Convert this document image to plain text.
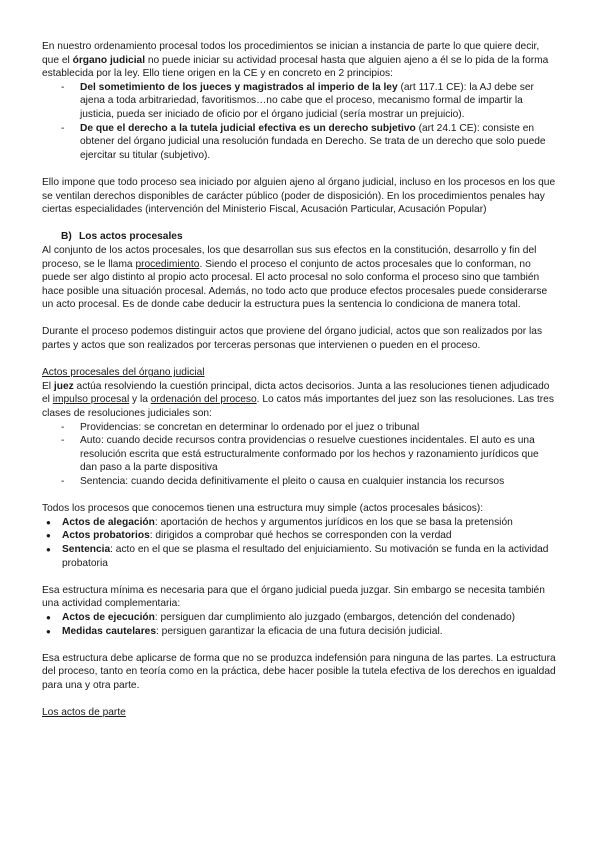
En nuestro ordenamiento procesal todos los procedimientos se inician a instancia de parte lo que quiere decir, que el órgano judicial no puede iniciar su actividad procesal hasta que alguien ajeno a él se lo pida de la forma establecida por la ley. Ello tiene origen en la CE y en concreto en 2 principios:

- Del sometimiento de los jueces y magistrados al imperio de la ley (art 117.1 CE): la AJ debe ser ajena a toda arbitrariedad, favoritismos…no cabe que el proceso, mecanismo formal de impartir la justicia, pueda ser iniciado de oficio por el órgano judicial (sería mostrar un prejuicio).
- De que el derecho a la tutela judicial efectiva es un derecho subjetivo (art 24.1 CE): consiste en obtener del órgano judicial una resolución fundada en Derecho. Se trata de un derecho que solo puede ejercitar su titular (subjetivo).

Ello impone que todo proceso sea iniciado por alguien ajeno al órgano judicial, incluso en los procesos en los que se ventilan derechos disponibles de carácter público (poder de disposición). En los procedimientos penales hay ciertas especialidades (intervención del Ministerio Fiscal, Acusación Particular, Acusación Popular)

B) Los actos procesales

Al conjunto de los actos procesales, los que desarrollan sus sus efectos en la constitución, desarrollo y fin del proceso, se le llama procedimiento. Siendo el proceso el conjunto de actos procesales que lo conforman, no puede ser algo distinto al propio acto procesal. El acto procesal no solo conforma el proceso sino que también hace posible una situación procesal. Además, no todo acto que produce efectos procesales puede considerarse un acto procesal. Es de donde cabe deducir la estructura pues la sentencia lo condiciona de manera total.

Durante el proceso podemos distinguir actos que proviene del órgano judicial, actos que son realizados por las partes y actos que son realizados por terceras personas que intervienen o pueden en el proceso.

Actos procesales del órgano judicial

El juez actúa resolviendo la cuestión principal, dicta actos decisorios. Junta a las resoluciones tienen adjudicado el impulso procesal y la ordenación del proceso. Lo catos más importantes del juez son las resoluciones. Las tres clases de resoluciones judiciales son:

- Providencias: se concretan en determinar lo ordenado por el juez o tribunal
- Auto: cuando decide recursos contra providencias o resuelve cuestiones incidentales. El auto es una resolución escrita que está estructuralmente conformado por los hechos y razonamiento jurídicos que dan paso a la parte dispositiva
- Sentencia: cuando decida definitivamente el pleito o causa en cualquier instancia los recursos

Todos los procesos que conocemos tienen una estructura muy simple (actos procesales básicos):

● Actos de alegación: aportación de hechos y argumentos jurídicos en los que se basa la pretensión
● Actos probatorios: dirigidos a comprobar qué hechos se corresponden con la verdad
● Sentencia: acto en el que se plasma el resultado del enjuiciamiento. Su motivación se funda en la actividad probatoria

Esa estructura mínima es necesaria para que el órgano judicial pueda juzgar. Sin embargo se necesita también una actividad complementaria:

● Actos de ejecución: persiguen dar cumplimiento alo juzgado (embargos, detención del condenado)
● Medidas cautelares: persiguen garantizar la eficacia de una futura decisión judicial.

Esa estructura debe aplicarse de forma que no se produzca indefensión para ninguna de las partes. La estructura del proceso, tanto en teoría como en la práctica, debe hacer posible la tutela efectiva de los derechos en igualdad para una y otra parte.

Los actos de parte
